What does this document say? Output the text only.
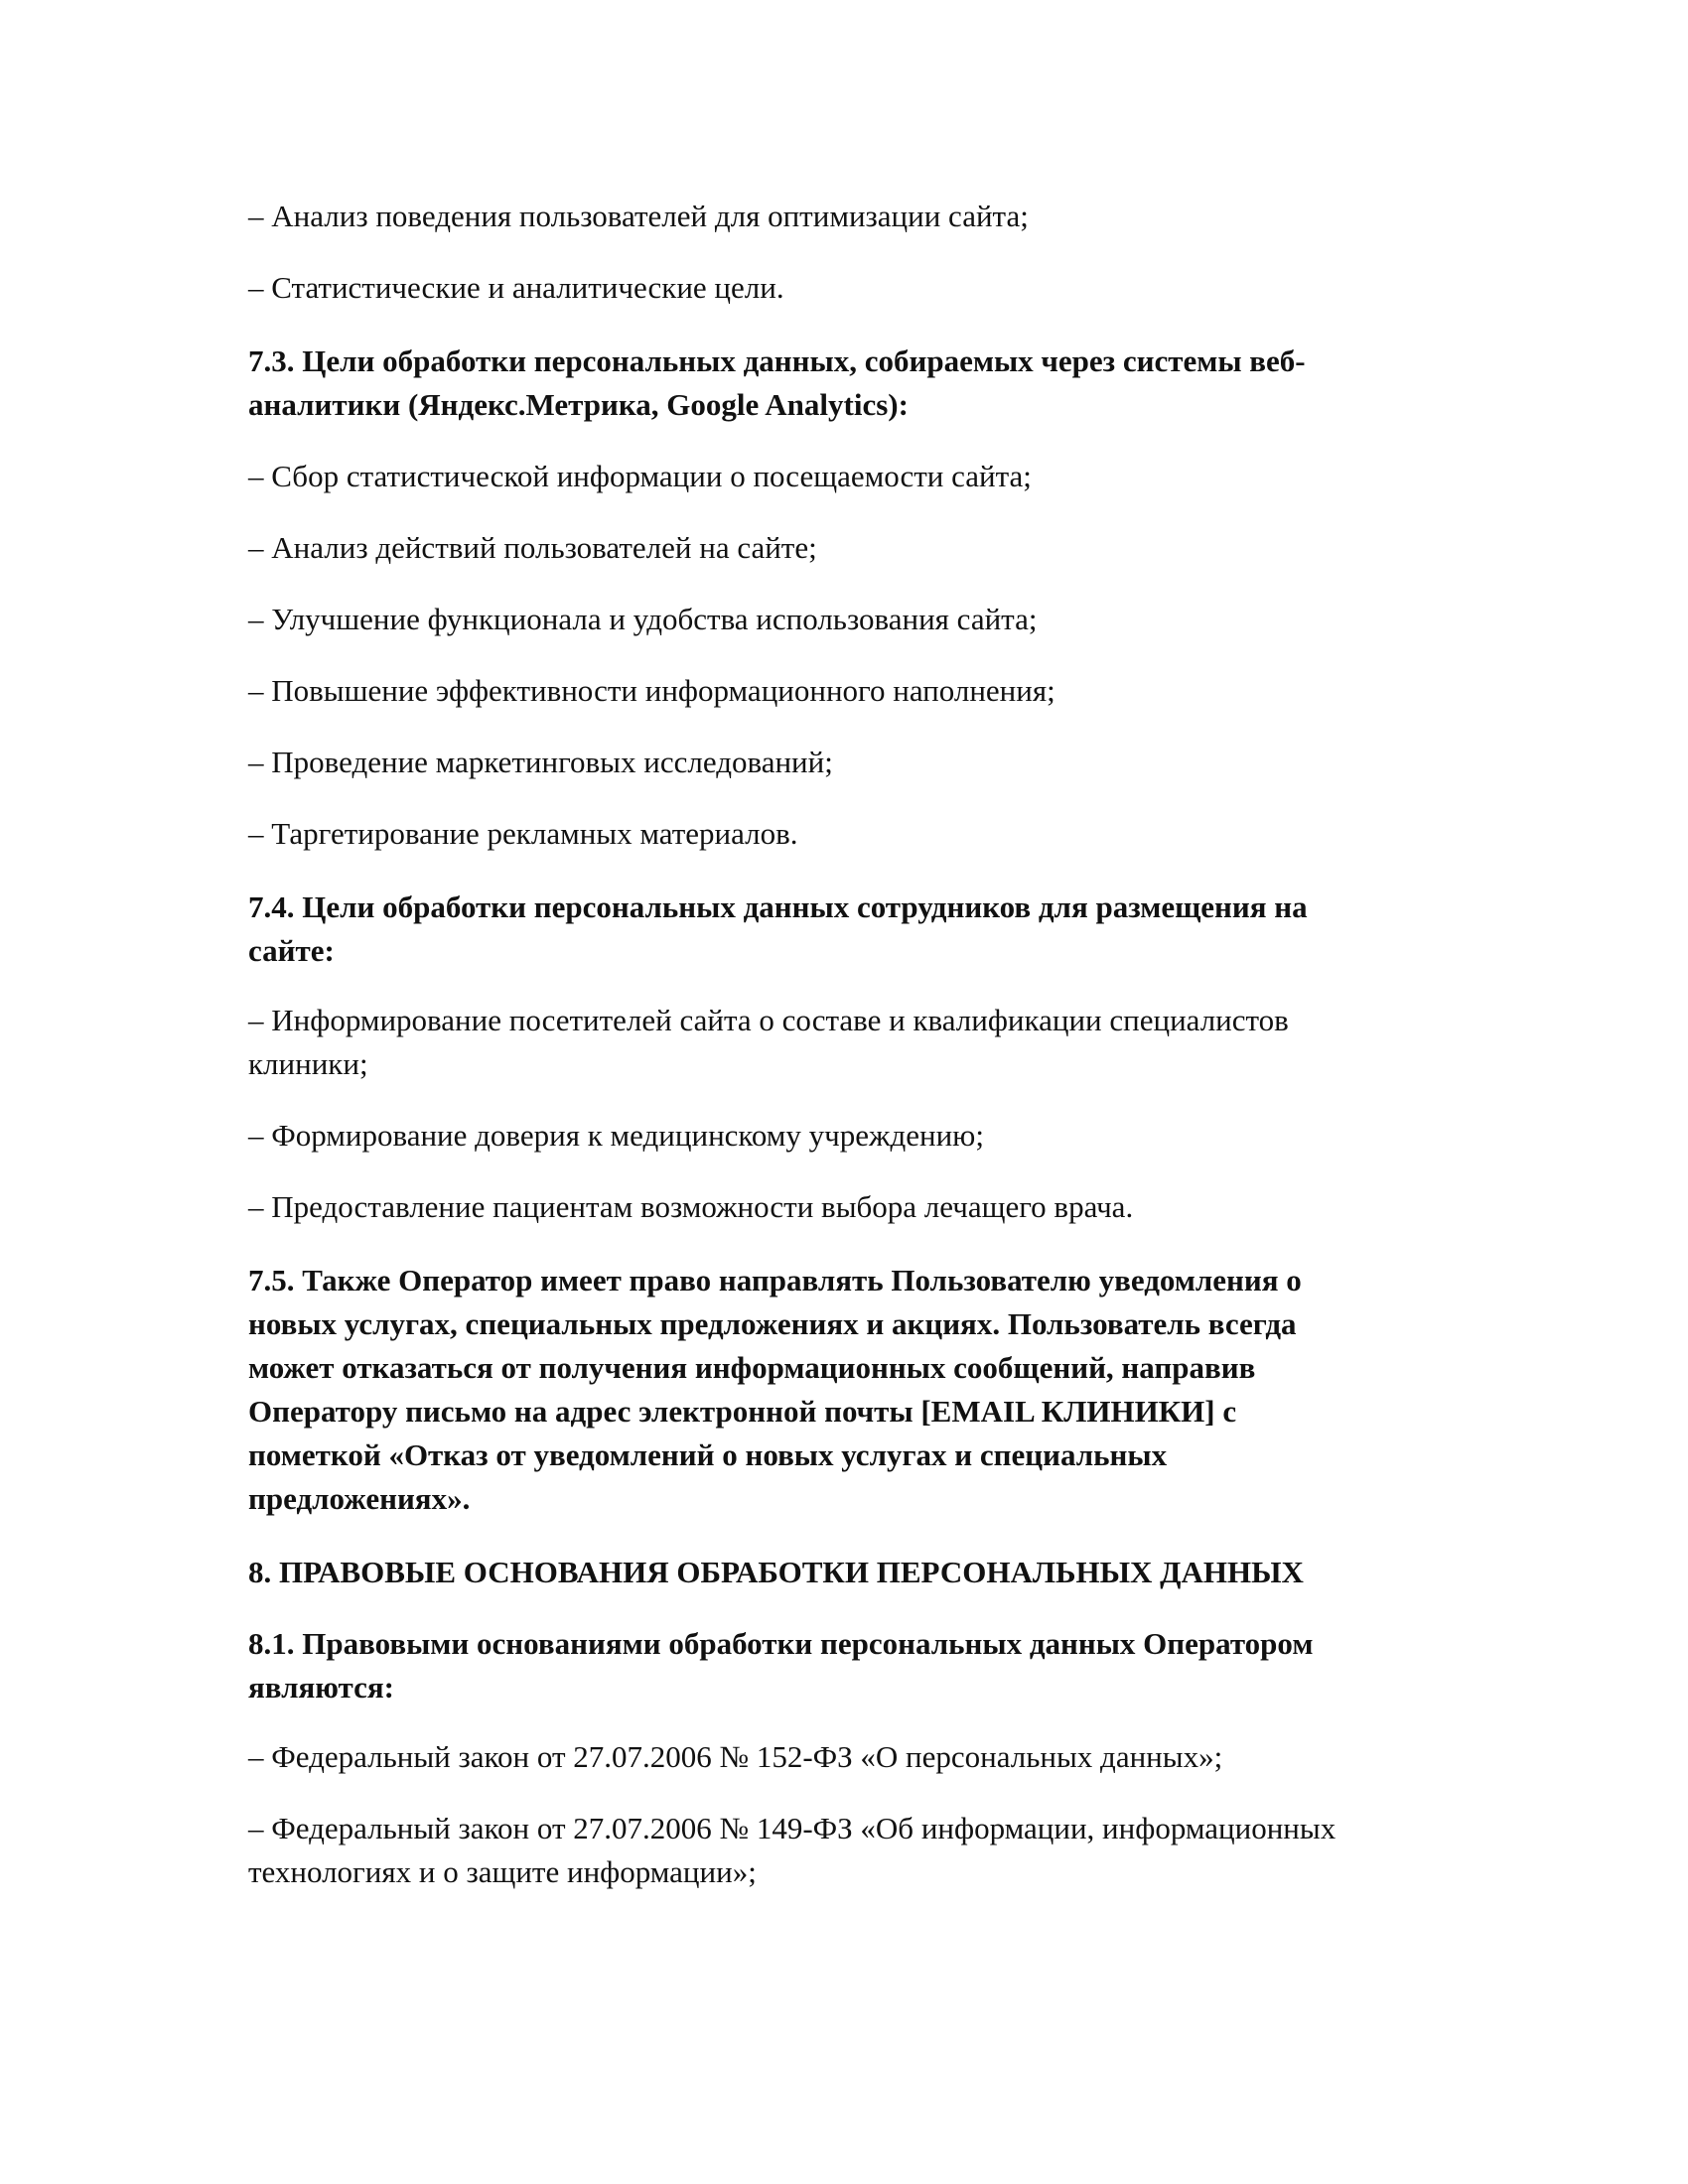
– Анализ поведения пользователей для оптимизации сайта;
– Статистические и аналитические цели.
7.3. Цели обработки персональных данных, собираемых через системы веб-
аналитики (Яндекс.Метрика, Google Analytics):
– Сбор статистической информации о посещаемости сайта;
– Анализ действий пользователей на сайте;
– Улучшение функционала и удобства использования сайта;
– Повышение эффективности информационного наполнения;
– Проведение маркетинговых исследований;
– Таргетирование рекламных материалов.
7.4. Цели обработки персональных данных сотрудников для размещения на
сайте:
– Информирование посетителей сайта о составе и квалификации специалистов
клиники;
– Формирование доверия к медицинскому учреждению;
– Предоставление пациентам возможности выбора лечащего врача.
7.5. Также Оператор имеет право направлять Пользователю уведомления о
новых услугах, специальных предложениях и акциях. Пользователь всегда
может отказаться от получения информационных сообщений, направив
Оператору письмо на адрес электронной почты [EMAIL КЛИНИКИ] с
пометкой «Отказ от уведомлений о новых услугах и специальных
предложениях».
8. ПРАВОВЫЕ ОСНОВАНИЯ ОБРАБОТКИ ПЕРСОНАЛЬНЫХ ДАННЫХ
8.1. Правовыми основаниями обработки персональных данных Оператором
являются:
– Федеральный закон от 27.07.2006 № 152-ФЗ «О персональных данных»;
– Федеральный закон от 27.07.2006 № 149-ФЗ «Об информации, информационных
технологиях и о защите информации»;
